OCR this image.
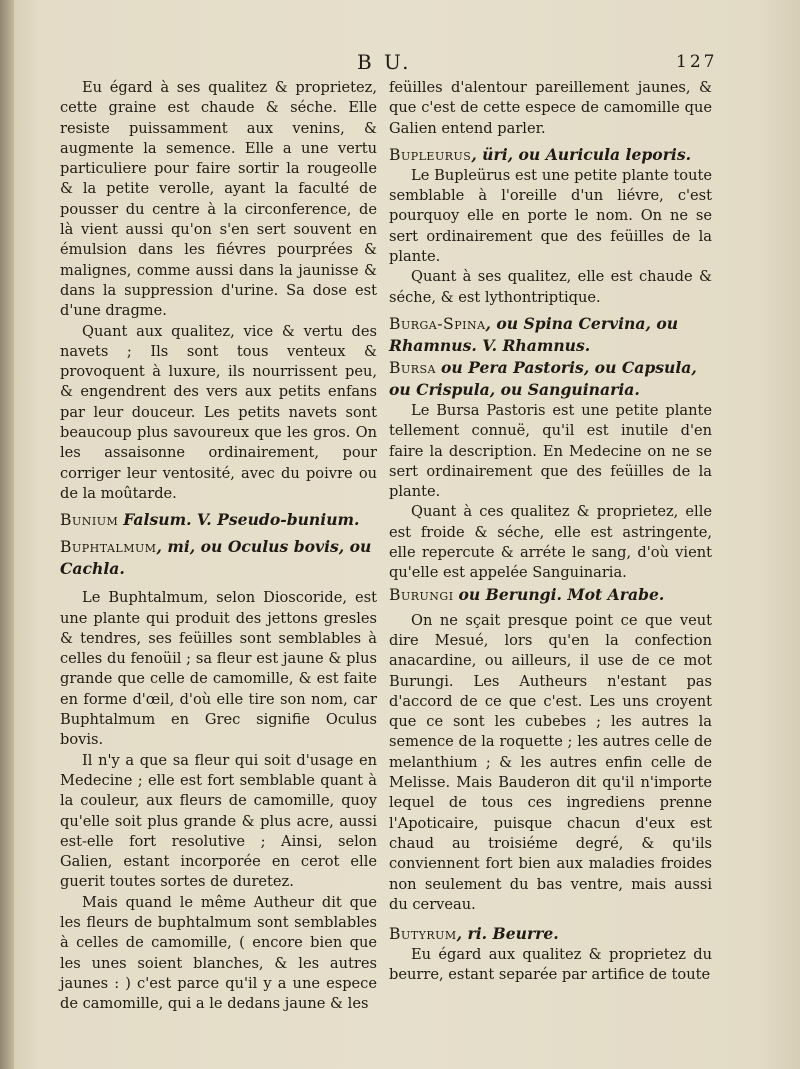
B U.	127

Eu égard à ses qualitez & proprietez, cette graine est chaude & séche. Elle resiste puissamment aux venins, & augmente la semence. Elle a une vertu particuliere pour faire sortir la rougeolle & la petite verolle, ayant la faculté de pousser du centre à la circonference, de là vient aussi qu'on s'en sert souvent en émulsion dans les fiévres pourprées & malignes, comme aussi dans la jaunisse & dans la suppression d'urine. Sa dose est d'une dragme.

Quant aux qualitez, vice & vertu des navets ; Ils sont tous venteux & provoquent à luxure, ils nourrissent peu, & engendrent des vers aux petits enfans par leur douceur. Les petits navets sont beaucoup plus savoureux que les gros. On les assaisonne ordinairement, pour corriger leur ventosité, avec du poivre ou de la moûtarde.

Bunium Falsum. V. Pseudo-bunium.

Buphtalmum, mi, ou Oculus bovis, ou Cachla.

Le Buphtalmum, selon Dioscoride, est une plante qui produit des jettons gresles & tendres, ses feüilles sont semblables à celles du fenoüil ; sa fleur est jaune & plus grande que celle de camomille, & est faite en forme d'œil, d'où elle tire son nom, car Buphtalmum en Grec signifie Oculus bovis.

Il n'y a que sa fleur qui soit d'usage en Medecine ; elle est fort semblable quant à la couleur, aux fleurs de camomille, quoy qu'elle soit plus grande & plus acre, aussi est-elle fort resolutive ; Ainsi, selon Galien, estant incorporée en cerot elle guerit toutes sortes de duretez.

Mais quand le même Autheur dit que les fleurs de buphtalmum sont semblables à celles de camomille, ( encore bien que les unes soient blanches, & les autres jaunes : ) c'est parce qu'il y a une espece de camomille, qui a le dedans jaune & les

feüilles d'alentour pareillement jaunes, & que c'est de cette espece de camomille que Galien entend parler.

Bupleurus, üri, ou Auricula leporis.

Le Bupleürus est une petite plante toute semblable à l'oreille d'un liévre, c'est pourquoy elle en porte le nom. On ne se sert ordinairement que des feüilles de la plante.

Quant à ses qualitez, elle est chaude & séche, & est lythontriptique.

Burga-Spina, ou Spina Cervina, ou Rhamnus. V. Rhamnus.

Bursa ou Pera Pastoris, ou Capsula, ou Crispula, ou Sanguinaria.

Le Bursa Pastoris est une petite plante tellement connuë, qu'il est inutile d'en faire la description. En Medecine on ne se sert ordinairement que des feüilles de la plante.

Quant à ces qualitez & proprietez, elle est froide & séche, elle est astringente, elle repercute & arréte le sang, d'où vient qu'elle est appelée Sanguinaria.

Burungi ou Berungi. Mot Arabe.

On ne sçait presque point ce que veut dire Mesué, lors qu'en la confection anacardine, ou ailleurs, il use de ce mot Burungi. Les Autheurs n'estant pas d'accord de ce que c'est. Les uns croyent que ce sont les cubebes ; les autres la semence de la roquette ; les autres celle de melanthium ; & les autres enfin celle de Melisse. Mais Bauderon dit qu'il n'importe lequel de tous ces ingrediens prenne l'Apoticaire, puisque chacun d'eux est chaud au troisiéme degré, & qu'ils conviennent fort bien aux maladies froides non seulement du bas ventre, mais aussi du cerveau.

Butyrum, ri. Beurre.

Eu égard aux qualitez & proprietez du beurre, estant separée par artifice de toute
